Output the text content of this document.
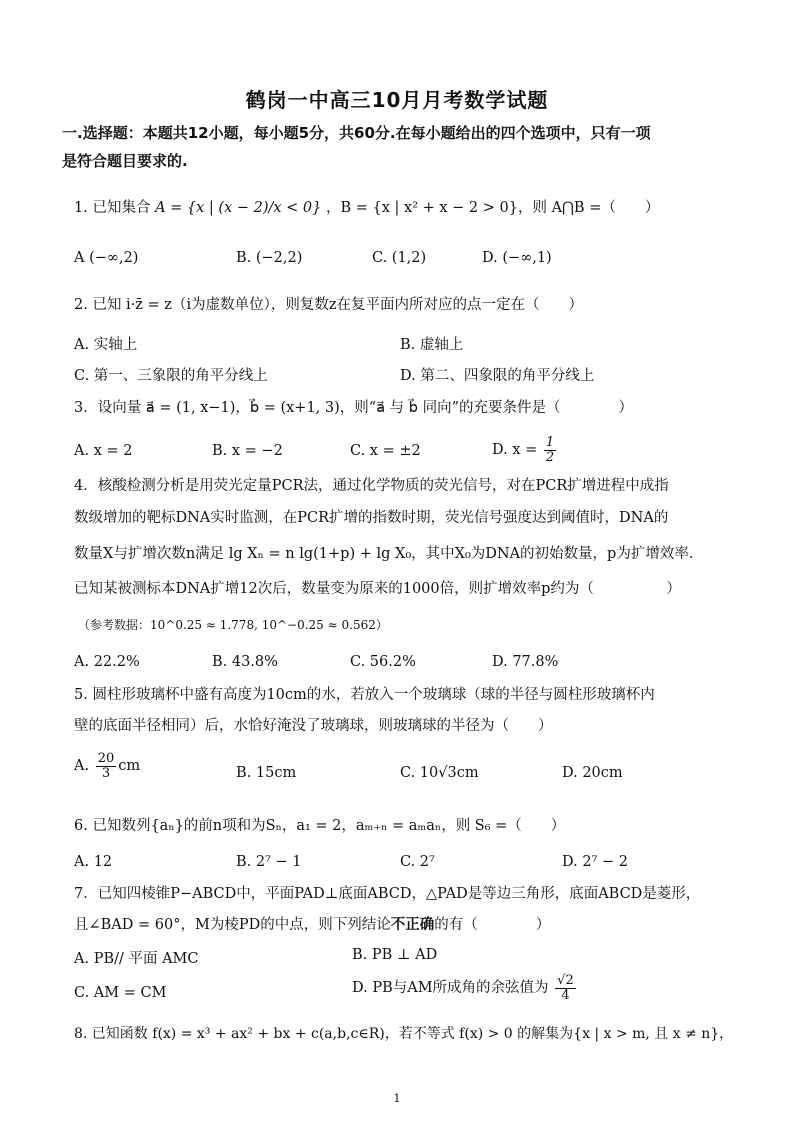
鹤岗一中高三10月月考数学试题
一.选择题：本题共12小题，每小题5分，共60分.在每小题给出的四个选项中，只有一项
是符合题目要求的.
1. 已知集合 A = {x | (x − 2)/x < 0} ，B = {x | x² + x − 2 > 0}，则 A⋂B =（　　）
A (−∞,2)	B. (−2,2)	C. (1,2)	D. (−∞,1)
2. 已知 i·z̄ = z（i为虚数单位），则复数z在复平面内所对应的点一定在（　　）
A. 实轴上	B. 虚轴上
C. 第一、三象限的角平分线上	D. 第二、四象限的角平分线上
3．设向量 a⃗ = (1, x−1)，b⃗ = (x+1, 3)，则“a⃗ 与 b⃗ 同向”的充要条件是（　　　　）
A. x = 2	B. x = −2	C. x = ±2	D. $x = \frac{1}{2}$
4．核酸检测分析是用荧光定量PCR法，通过化学物质的荧光信号，对在PCR扩增进程中成指
数级增加的靶标DNA实时监测，在PCR扩增的指数时期，荧光信号强度达到阈值时，DNA的
数量X与扩增次数n满足 lg Xₙ = n lg(1+p) + lg X₀，其中X₀为DNA的初始数量，p为扩增效率.
已知某被测标本DNA扩增12次后，数量变为原来的1000倍，则扩增效率p约为（　　　　　）
（参考数据：10^0.25 ≈ 1.778, 10^−0.25 ≈ 0.562）
A. 22.2%	B. 43.8%	C. 56.2%	D. 77.8%
5. 圆柱形玻璃杯中盛有高度为10cm的水，若放入一个玻璃球（球的半径与圆柱形玻璃杯内
壁的底面半径相同）后，水恰好淹没了玻璃球，则玻璃球的半径为（　　）
A. $\frac{20}{3}$ cm	B. 15cm	C. 10√3cm	D. 20cm
6. 已知数列{aₙ}的前n项和为Sₙ，a₁ = 2，aₘ₊ₙ = aₘaₙ，则 S₆ =（　　）
A. 12	B. 2⁷ − 1	C. 2⁷	D. 2⁷ − 2
7．已知四棱锥P−ABCD中，平面PAD⊥底面ABCD，△PAD是等边三角形，底面ABCD是菱形，
且∠BAD = 60°，M为棱PD的中点，则下列结论不正确的有（　　　　）
A. PB// 平面 AMC	B. PB ⊥ AD
C. AM = CM	D. PB与AM所成角的余弦值为 $\frac{√2}{4}$
8. 已知函数 f(x) = x³ + ax² + bx + c(a,b,c∈R)，若不等式 f(x) > 0 的解集为{x | x > m, 且 x ≠ n}，
1
